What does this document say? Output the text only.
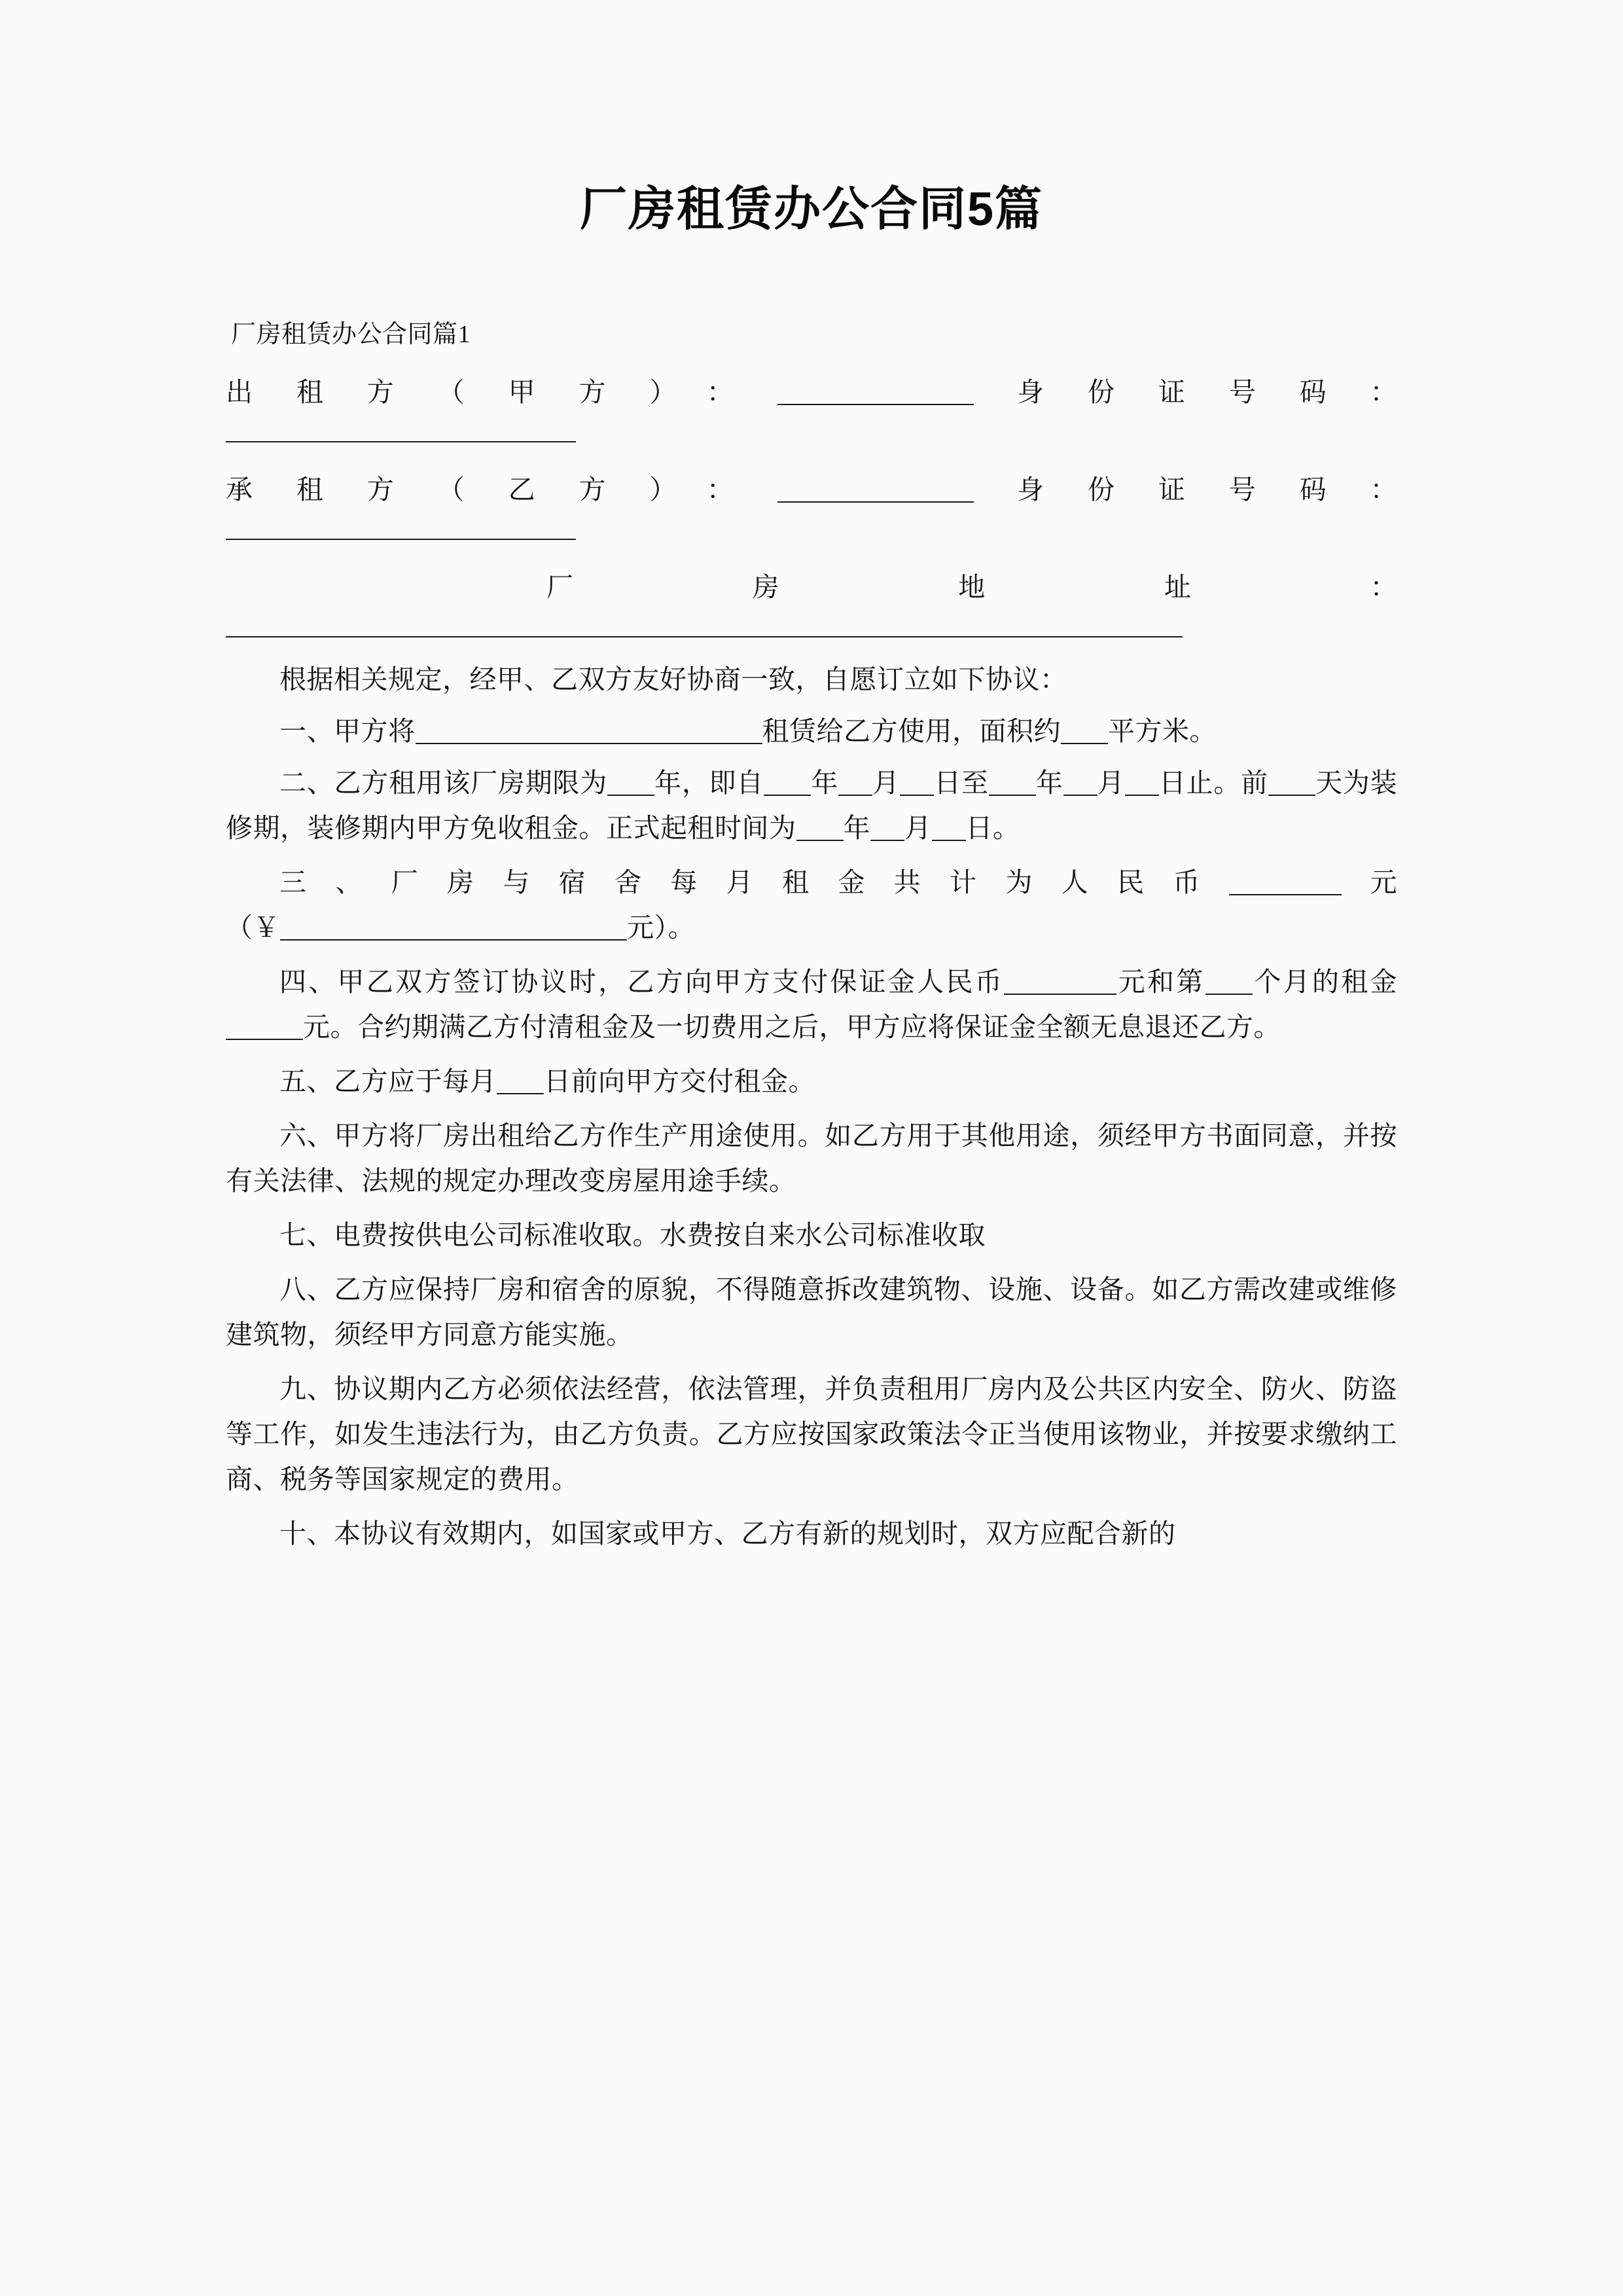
厂房租赁办公合同5篇

厂房租赁办公合同篇1

出租方（甲方）：	身份证号码：

承租方（乙方）：	身份证号码：

厂房地址：

根据相关规定，经甲、乙双方友好协商一致，自愿订立如下协议：

一、甲方将	租赁给乙方使用，面积约 平方米。

二、乙方租用该厂房期限为 年，即自 年 月 日至 年 月 日止。前 天为装修期，装修期内甲方免收租金。正式起租时间为 年 月 日。

三、厂房与宿舍每月租金共计为人民币	元

（￥	元）。

四、甲乙双方签订协议时，乙方向甲方支付保证金人民币	元和第 个月的租金元。合约期满乙方付清租金及一切费用之后，甲方应将保证金全额无息退还乙方。

五、乙方应于每月 日前向甲方交付租金。

六、甲方将厂房出租给乙方作生产用途使用。如乙方用于其他用途，须经甲方书面同意，并按有关法律、法规的规定办理改变房屋用途手续。

七、电费按供电公司标准收取。水费按自来水公司标准收取

八、乙方应保持厂房和宿舍的原貌，不得随意拆改建筑物、设施、设备。如乙方需改建或维修建筑物，须经甲方同意方能实施。

九、协议期内乙方必须依法经营，依法管理，并负责租用厂房内及公共区内安全、防火、防盗等工作，如发生违法行为，由乙方负责。乙方应按国家政策法令正当使用该物业，并按要求缴纳工商、税务等国家规定的费用。

十、本协议有效期内，如国家或甲方、乙方有新的规划时，双方应配合新的
